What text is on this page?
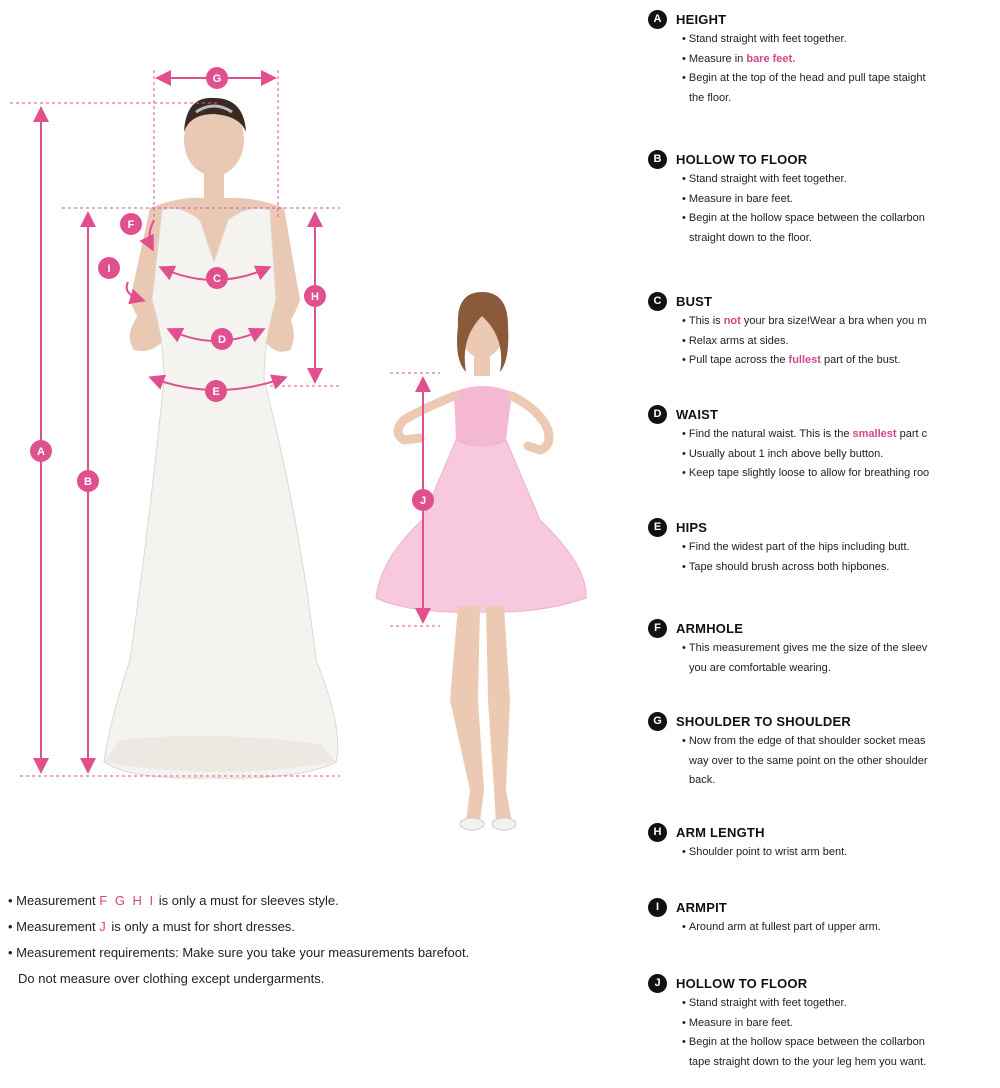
A
B
C
D
E
F
G
H
I
J
• Measurement F G H I is only a must for sleeves style.
• Measurement J is only a must for short dresses.
• Measurement requirements: Make sure you take your measurements barefoot.
Do not measure over clothing except undergarments.
A	HEIGHT
• Stand straight with feet together.
• Measure in bare feet.
• Begin at the top of the head and pull tape staight
the floor.
B	HOLLOW TO FLOOR
• Stand straight with feet together.
• Measure in bare feet.
• Begin at the hollow space between the collarbon
straight down to the floor.
C	BUST
• This is not your bra size!Wear a bra when you m
• Relax arms at sides.
• Pull tape across the fullest part of the bust.
D	WAIST
• Find the natural waist. This is the smallest part c
• Usually about 1 inch above belly button.
• Keep tape slightly loose to allow for breathing roo
E	HIPS
• Find the widest part of the hips including butt.
• Tape should brush across both hipbones.
F	ARMHOLE
• This measurement gives me the size of the sleev
you are comfortable wearing.
G	SHOULDER TO SHOULDER
• Now from the edge of that shoulder socket meas
way over to the same point on the other shoulder
back.
H	ARM LENGTH
• Shoulder point to wrist arm bent.
I	ARMPIT
• Around arm at fullest part of upper arm.
J	HOLLOW TO FLOOR
• Stand straight with feet together.
• Measure in bare feet.
• Begin at the hollow space between the collarbon
tape straight down to the your leg hem you want.
